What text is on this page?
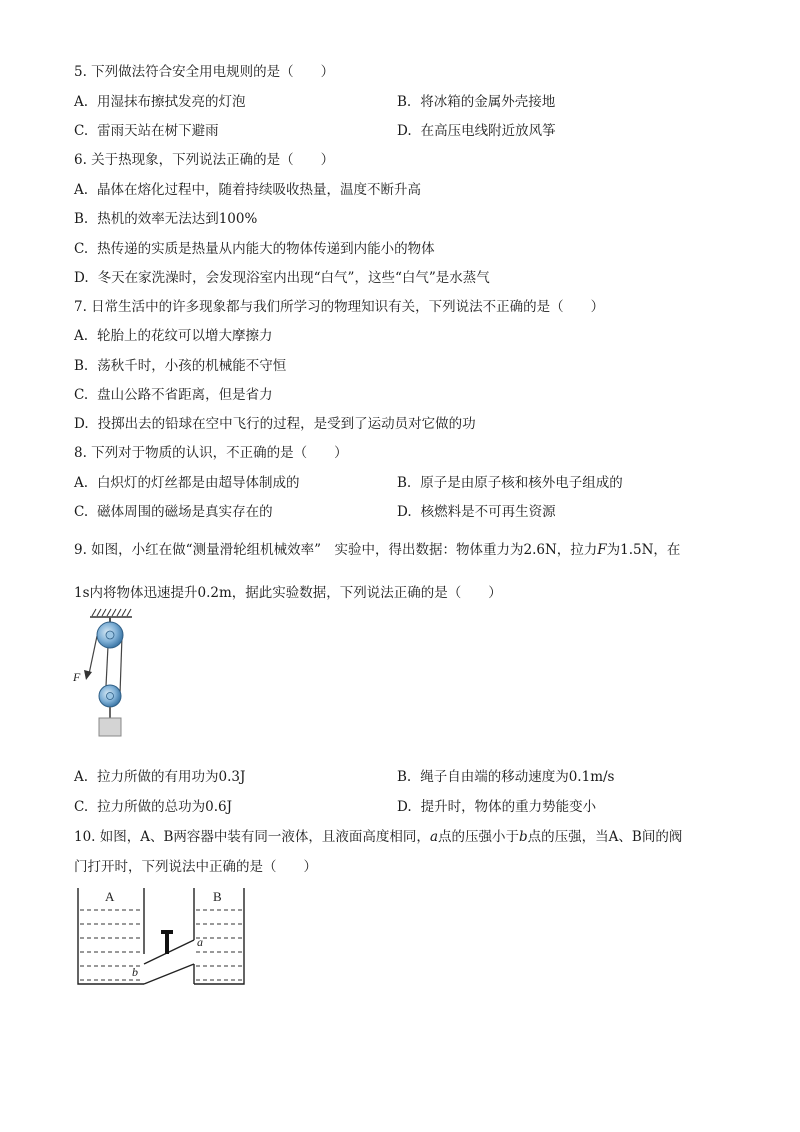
5. 下列做法符合安全用电规则的是（　　）
A. 用湿抹布擦拭发亮的灯泡	B. 将冰箱的金属外壳接地
C. 雷雨天站在树下避雨	D. 在高压电线附近放风筝
6. 关于热现象，下列说法正确的是（　　）
A. 晶体在熔化过程中，随着持续吸收热量，温度不断升高
B. 热机的效率无法达到100%
C. 热传递的实质是热量从内能大的物体传递到内能小的物体
D. 冬天在家洗澡时，会发现浴室内出现“白气”，这些“白气”是水蒸气
7. 日常生活中的许多现象都与我们所学习的物理知识有关，下列说法不正确的是（　　）
A. 轮胎上的花纹可以增大摩擦力
B. 荡秋千时，小孩的机械能不守恒
C. 盘山公路不省距离，但是省力
D. 投掷出去的铅球在空中飞行的过程，是受到了运动员对它做的功
8. 下列对于物质的认识，不正确的是（　　）
A. 白炽灯的灯丝都是由超导体制成的	B. 原子是由原子核和核外电子组成的
C. 磁体周围的磁场是真实存在的	D. 核燃料是不可再生资源
9. 如图，小红在做“测量滑轮组机械效率”　实验中，得出数据：物体重力为2.6N，拉力F为1.5N，在
1s内将物体迅速提升0.2m，据此实验数据，下列说法正确的是（　　）
F
A. 拉力所做的有用功为0.3J	B. 绳子自由端的移动速度为0.1m/s
C. 拉力所做的总功为0.6J	D. 提升时，物体的重力势能变小
10. 如图，A、B两容器中装有同一液体，且液面高度相同，a点的压强小于b点的压强，当A、B间的阀
门打开时，下列说法中正确的是（　　）
A	B
a
b
